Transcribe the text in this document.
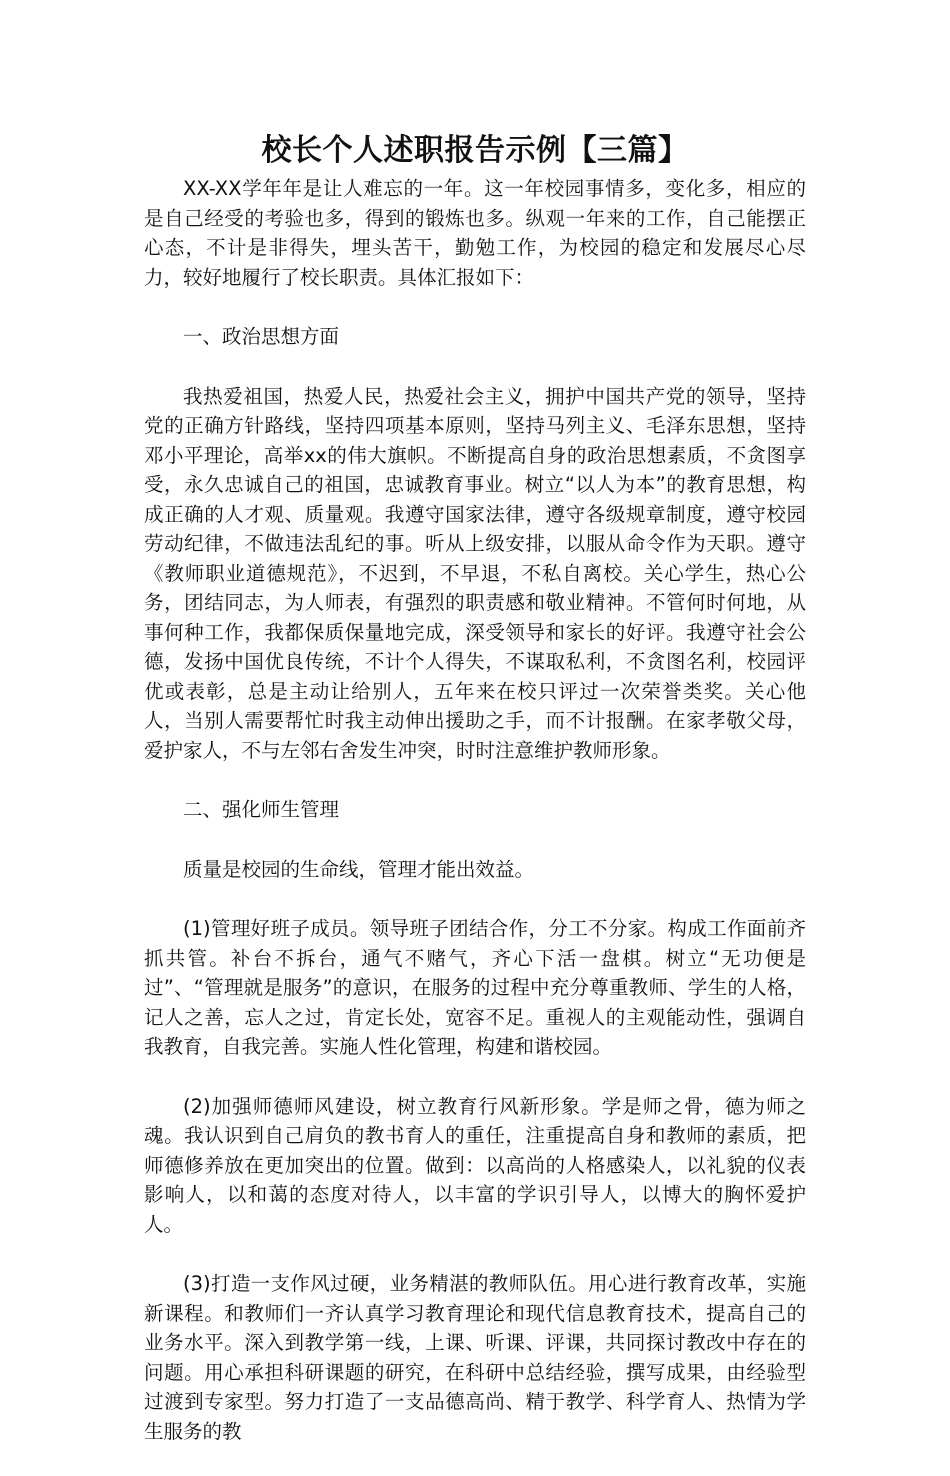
校长个人述职报告示例【三篇】

XX-XX学年年是让人难忘的一年。这一年校园事情多，变化多，相应的是自己经受的考验也多，得到的锻炼也多。纵观一年来的工作，自己能摆正心态，不计是非得失，埋头苦干，勤勉工作，为校园的稳定和发展尽心尽力，较好地履行了校长职责。具体汇报如下：

一、政治思想方面

我热爱祖国，热爱人民，热爱社会主义，拥护中国共产党的领导，坚持党的正确方针路线，坚持四项基本原则，坚持马列主义、毛泽东思想，坚持邓小平理论，高举xx的伟大旗帜。不断提高自身的政治思想素质，不贪图享受，永久忠诚自己的祖国，忠诚教育事业。树立“以人为本”的教育思想，构成正确的人才观、质量观。我遵守国家法律，遵守各级规章制度，遵守校园劳动纪律，不做违法乱纪的事。听从上级安排，以服从命令作为天职。遵守《教师职业道德规范》，不迟到，不早退，不私自离校。关心学生，热心公务，团结同志，为人师表，有强烈的职责感和敬业精神。不管何时何地，从事何种工作，我都保质保量地完成，深受领导和家长的好评。我遵守社会公德，发扬中国优良传统，不计个人得失，不谋取私利，不贪图名利，校园评优或表彰，总是主动让给别人，五年来在校只评过一次荣誉类奖。关心他人，当别人需要帮忙时我主动伸出援助之手，而不计报酬。在家孝敬父母，爱护家人，不与左邻右舍发生冲突，时时注意维护教师形象。

二、强化师生管理

质量是校园的生命线，管理才能出效益。

(1)管理好班子成员。领导班子团结合作，分工不分家。构成工作面前齐抓共管。补台不拆台，通气不赌气，齐心下活一盘棋。树立“无功便是过”、“管理就是服务”的意识，在服务的过程中充分尊重教师、学生的人格，记人之善，忘人之过，肯定长处，宽容不足。重视人的主观能动性，强调自我教育，自我完善。实施人性化管理，构建和谐校园。

(2)加强师德师风建设，树立教育行风新形象。学是师之骨，德为师之魂。我认识到自己肩负的教书育人的重任，注重提高自身和教师的素质，把师德修养放在更加突出的位置。做到：以高尚的人格感染人，以礼貌的仪表影响人，以和蔼的态度对待人，以丰富的学识引导人，以博大的胸怀爱护人。

(3)打造一支作风过硬，业务精湛的教师队伍。用心进行教育改革，实施新课程。和教师们一齐认真学习教育理论和现代信息教育技术，提高自己的业务水平。深入到教学第一线，上课、听课、评课，共同探讨教改中存在的问题。用心承担科研课题的研究，在科研中总结经验，撰写成果，由经验型过渡到专家型。努力打造了一支品德高尚、精于教学、科学育人、热情为学生服务的教
